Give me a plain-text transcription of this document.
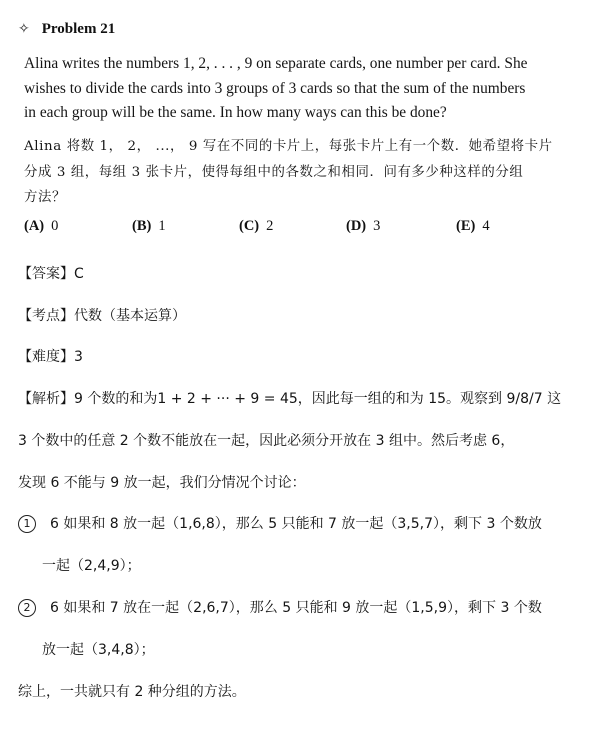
✧ Problem 21
Alina writes the numbers 1, 2, . . . , 9 on separate cards, one number per card. She
wishes to divide the cards into 3 groups of 3 cards so that the sum of the numbers
in each group will be the same. In how many ways can this be done?
Alina 将数 1， 2， ...， 9 写在不同的卡片上，每张卡片上有一个数．她希望将卡片
分成 3 组，每组 3 张卡片，使得每组中的各数之和相同．问有多少种这样的分组
方法？
(A) 0	(B) 1	(C) 2	(D) 3	(E) 4
【答案】C
【考点】代数（基本运算）
【难度】3
【解析】9 个数的和为1 + 2 + ··· + 9 = 45，因此每一组的和为 15。观察到 9/8/7 这
3 个数中的任意 2 个数不能放在一起，因此必须分开放在 3 组中。然后考虑 6，
发现 6 不能与 9 放一起，我们分情况个讨论：
1 6 如果和 8 放一起（1,6,8），那么 5 只能和 7 放一起（3,5,7），剩下 3 个数放
一起（2,4,9）；
2 6 如果和 7 放在一起（2,6,7），那么 5 只能和 9 放一起（1,5,9），剩下 3 个数
放一起（3,4,8）；
综上，一共就只有 2 种分组的方法。
